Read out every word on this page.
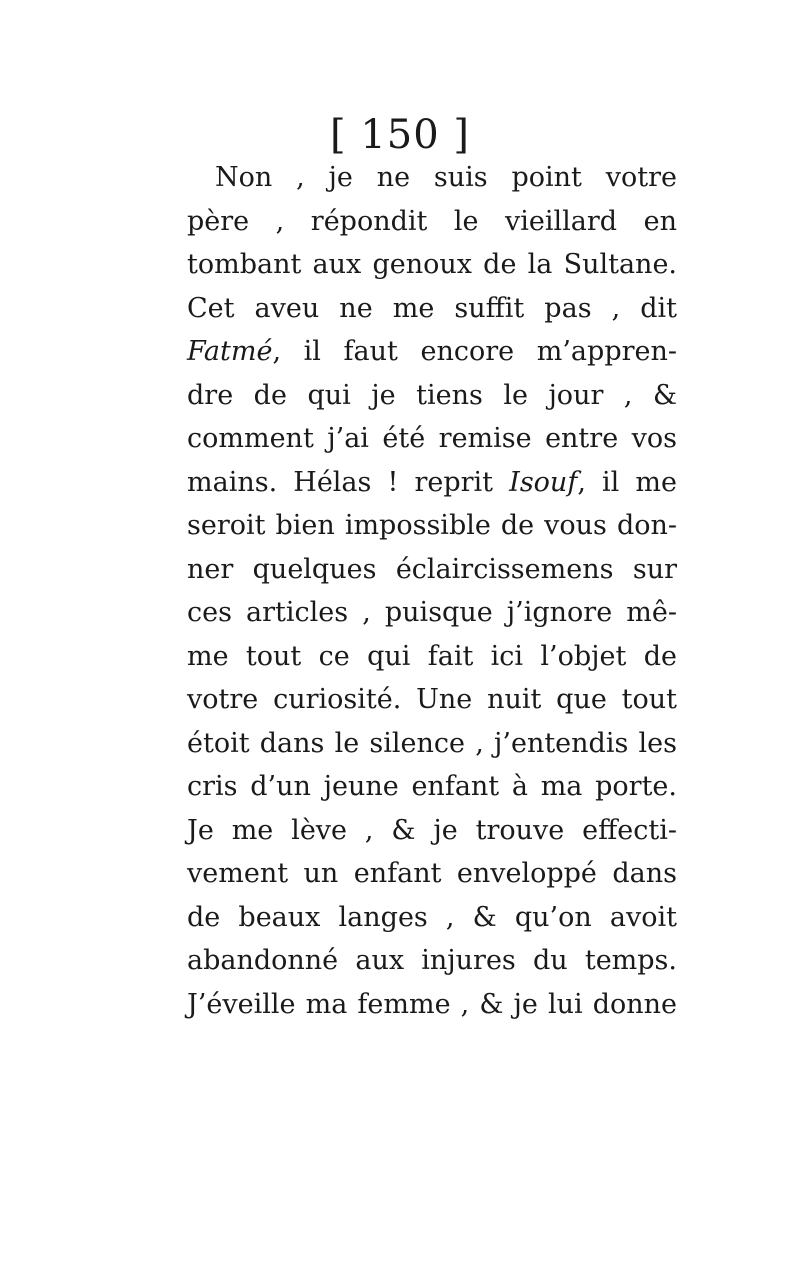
[ 150 ]
Non , je ne suis point votre
père , répondit le vieillard en
tombant aux genoux de la Sultane.
Cet aveu ne me suffit pas , dit
Fatmé, il faut encore m’appren-
dre de qui je tiens le jour , &
comment j’ai été remise entre vos
mains. Hélas ! reprit Isouf, il me
seroit bien impossible de vous don-
ner quelques éclaircissemens sur
ces articles , puisque j’ignore mê-
me tout ce qui fait ici l’objet de
votre curiosité. Une nuit que tout
étoit dans le silence , j’entendis les
cris d’un jeune enfant à ma porte.
Je me lève , & je trouve effecti-
vement un enfant enveloppé dans
de beaux langes , & qu’on avoit
abandonné aux injures du temps.
J’éveille ma femme , & je lui donne
